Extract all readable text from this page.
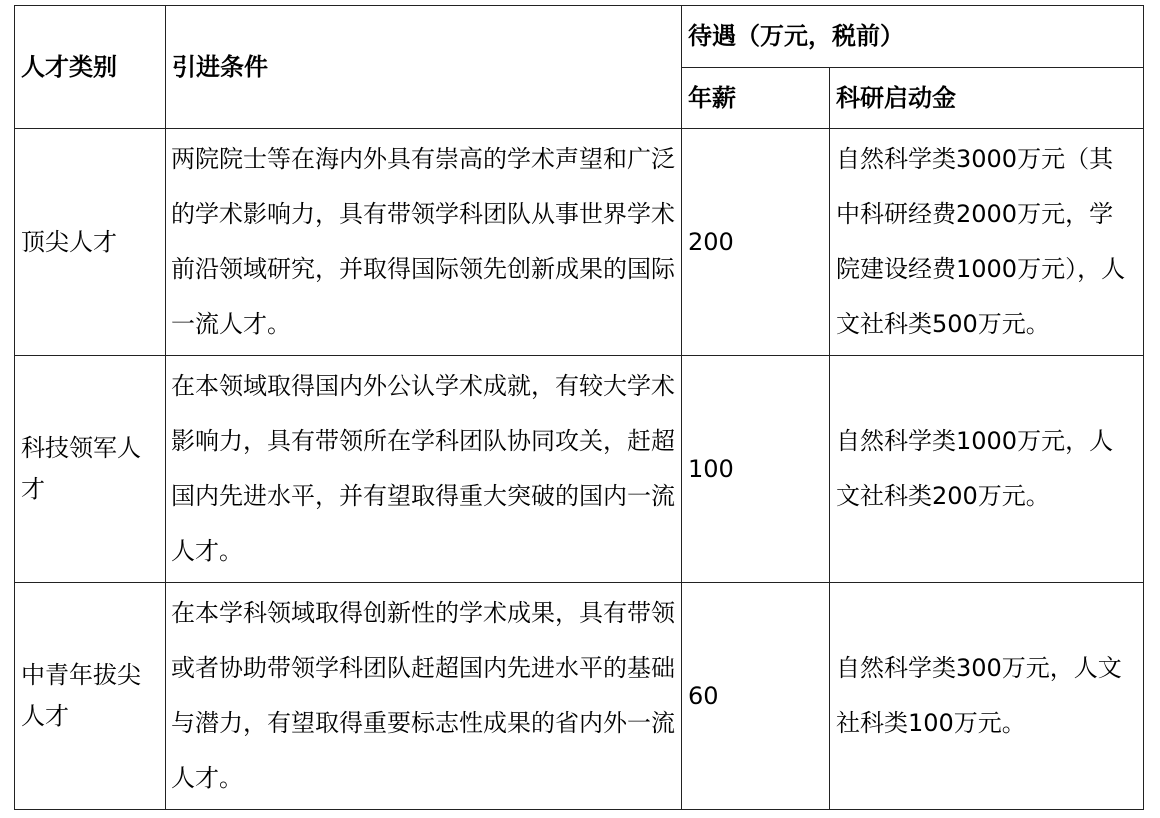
人才类别	引进条件	待遇（万元，税前）	
		年薪	科研启动金
顶尖人才	两院院士等在海内外具有崇高的学术声望和广泛的学术影响力，具有带领学科团队从事世界学术前沿领域研究，并取得国际领先创新成果的国际一流人才。	200	自然科学类3000万元（其中科研经费2000万元，学院建设经费1000万元），人文社科类500万元。
科技领军人才	在本领域取得国内外公认学术成就，有较大学术影响力，具有带领所在学科团队协同攻关，赶超国内先进水平，并有望取得重大突破的国内一流人才。	100	自然科学类1000万元，人文社科类200万元。
中青年拔尖人才	在本学科领域取得创新性的学术成果，具有带领或者协助带领学科团队赶超国内先进水平的基础与潜力，有望取得重要标志性成果的省内外一流人才。	60	自然科学类300万元，人文社科类100万元。
